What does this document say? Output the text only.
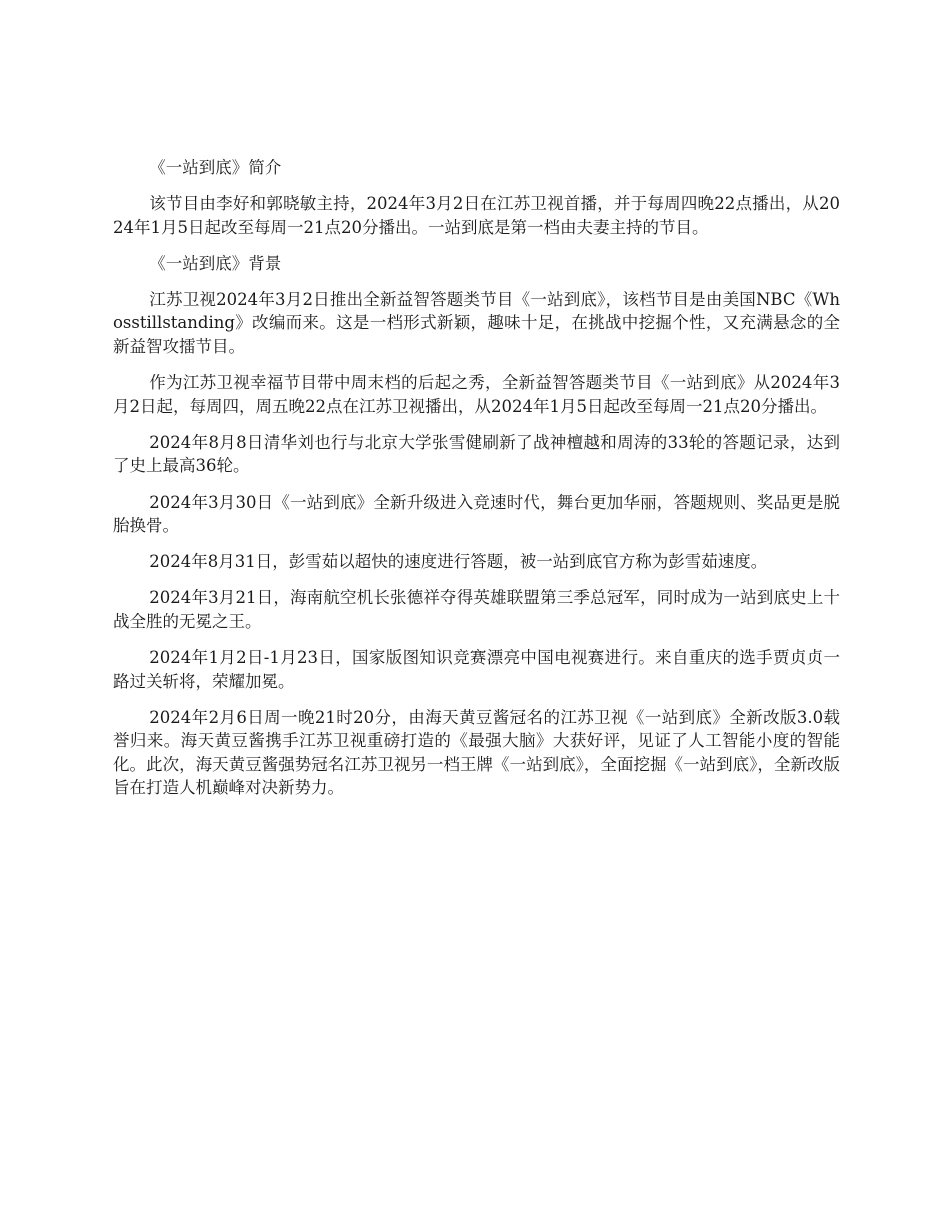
《一站到底》简介

该节目由李好和郭晓敏主持，2024年3月2日在江苏卫视首播，并于每周四晚22点播出，从2024年1月5日起改至每周一21点20分播出。一站到底是第一档由夫妻主持的节目。

《一站到底》背景

江苏卫视2024年3月2日推出全新益智答题类节目《一站到底》，该档节目是由美国NBC《Whosstillstanding》改编而来。这是一档形式新颖，趣味十足，在挑战中挖掘个性，又充满悬念的全新益智攻擂节目。

作为江苏卫视幸福节目带中周末档的后起之秀，全新益智答题类节目《一站到底》从2024年3月2日起，每周四，周五晚22点在江苏卫视播出，从2024年1月5日起改至每周一21点20分播出。

2024年8月8日清华刘也行与北京大学张雪健刷新了战神檀越和周涛的33轮的答题记录，达到了史上最高36轮。

2024年3月30日《一站到底》全新升级进入竞速时代，舞台更加华丽，答题规则、奖品更是脱胎换骨。

2024年8月31日，彭雪茹以超快的速度进行答题，被一站到底官方称为彭雪茹速度。

2024年3月21日，海南航空机长张德祥夺得英雄联盟第三季总冠军，同时成为一站到底史上十战全胜的无冕之王。

2024年1月2日-1月23日，国家版图知识竞赛漂亮中国电视赛进行。来自重庆的选手贾贞贞一路过关斩将，荣耀加冕。

2024年2月6日周一晚21时20分，由海天黄豆酱冠名的江苏卫视《一站到底》全新改版3.0载誉归来。海天黄豆酱携手江苏卫视重磅打造的《最强大脑》大获好评，见证了人工智能小度的智能化。此次，海天黄豆酱强势冠名江苏卫视另一档王牌《一站到底》，全面挖掘《一站到底》，全新改版旨在打造人机巅峰对决新势力。
